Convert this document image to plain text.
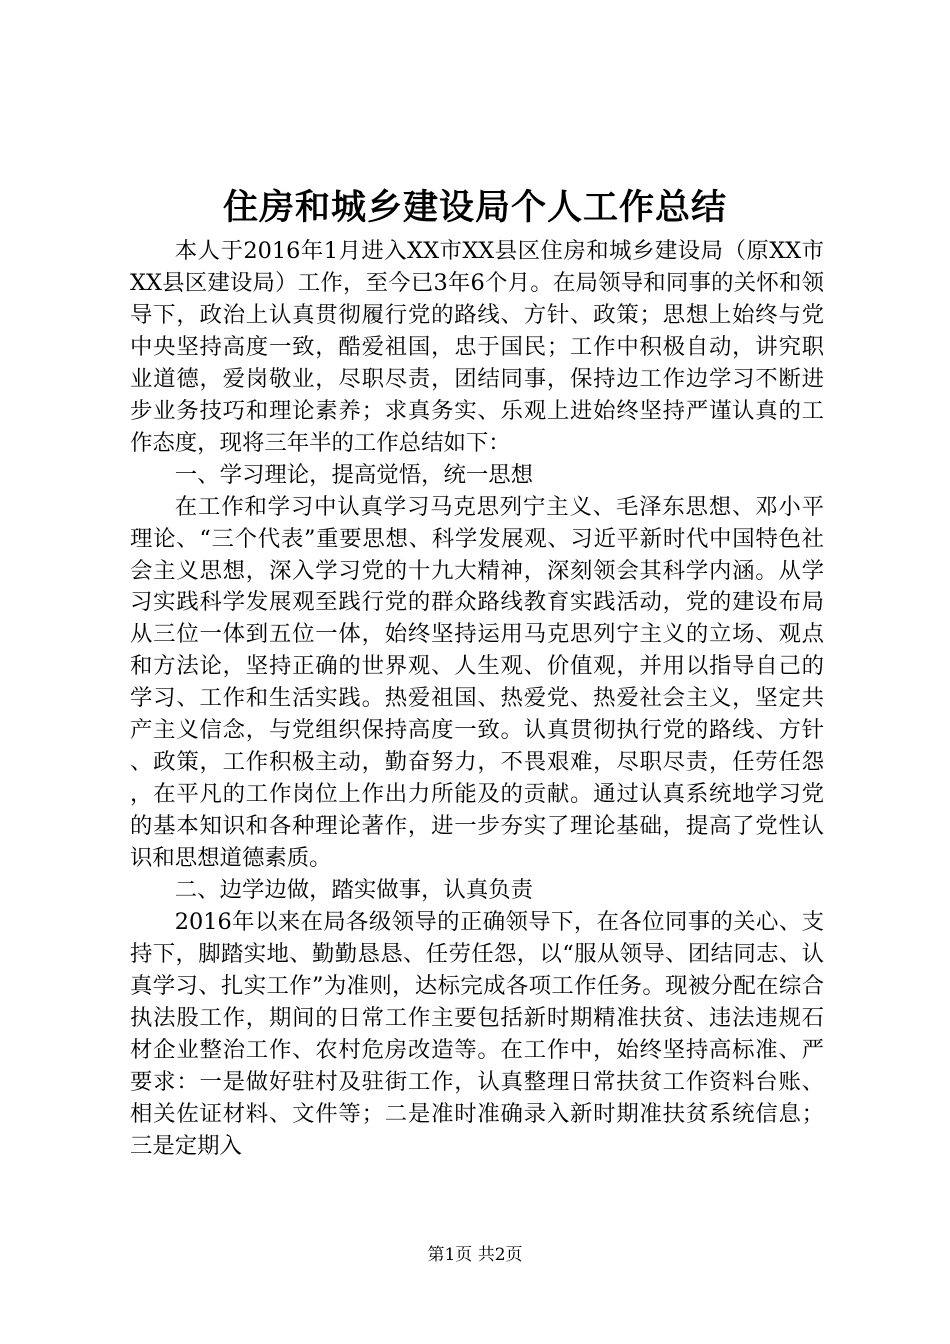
住房和城乡建设局个人工作总结

本人于2016年1月进入XX市XX县区住房和城乡建设局（原XX市XX县区建设局）工作，至今已3年6个月。在局领导和同事的关怀和领导下，政治上认真贯彻履行党的路线、方针、政策；思想上始终与党中央坚持高度一致，酷爱祖国，忠于国民；工作中积极自动，讲究职业道德，爱岗敬业，尽职尽责，团结同事，保持边工作边学习不断进步业务技巧和理论素养；求真务实、乐观上进始终坚持严谨认真的工作态度，现将三年半的工作总结如下：

一、学习理论，提高觉悟，统一思想

在工作和学习中认真学习马克思列宁主义、毛泽东思想、邓小平理论、“三个代表”重要思想、科学发展观、习近平新时代中国特色社会主义思想，深入学习党的十九大精神，深刻领会其科学内涵。从学习实践科学发展观至践行党的群众路线教育实践活动，党的建设布局从三位一体到五位一体，始终坚持运用马克思列宁主义的立场、观点和方法论，坚持正确的世界观、人生观、价值观，并用以指导自己的学习、工作和生活实践。热爱祖国、热爱党、热爱社会主义，坚定共产主义信念，与党组织保持高度一致。认真贯彻执行党的路线、方针、政策，工作积极主动，勤奋努力，不畏艰难，尽职尽责，任劳任怨，在平凡的工作岗位上作出力所能及的贡献。通过认真系统地学习党的基本知识和各种理论著作，进一步夯实了理论基础，提高了党性认识和思想道德素质。

二、边学边做，踏实做事，认真负责

2016年以来在局各级领导的正确领导下，在各位同事的关心、支持下，脚踏实地、勤勤恳恳、任劳任怨，以“服从领导、团结同志、认真学习、扎实工作”为准则，达标完成各项工作任务。现被分配在综合执法股工作，期间的日常工作主要包括新时期精准扶贫、违法违规石材企业整治工作、农村危房改造等。在工作中，始终坚持高标准、严要求：一是做好驻村及驻街工作，认真整理日常扶贫工作资料台账、相关佐证材料、文件等；二是准时准确录入新时期准扶贫系统信息；三是定期入

第1页 共2页
